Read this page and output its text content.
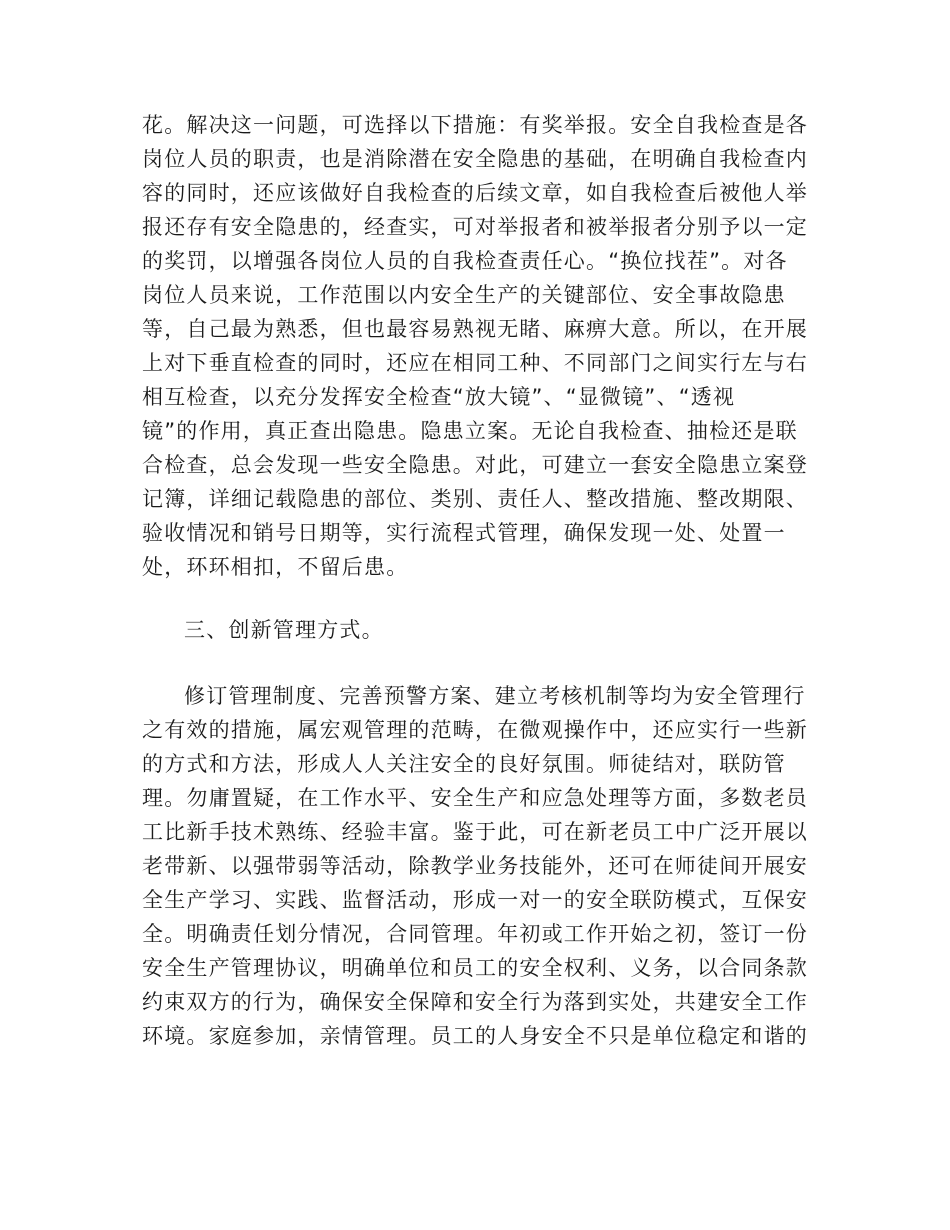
花。解决这一问题，可选择以下措施：有奖举报。安全自我检查是各
岗位人员的职责，也是消除潜在安全隐患的基础，在明确自我检查内
容的同时，还应该做好自我检查的后续文章，如自我检查后被他人举
报还存有安全隐患的，经查实，可对举报者和被举报者分别予以一定
的奖罚，以增强各岗位人员的自我检查责任心。“换位找茬”。对各
岗位人员来说，工作范围以内安全生产的关键部位、安全事故隐患
等，自己最为熟悉，但也最容易熟视无睹、麻痹大意。所以，在开展
上对下垂直检查的同时，还应在相同工种、不同部门之间实行左与右
相互检查，以充分发挥安全检查“放大镜”、“显微镜”、“透视
镜”的作用，真正查出隐患。隐患立案。无论自我检查、抽检还是联
合检查，总会发现一些安全隐患。对此，可建立一套安全隐患立案登
记簿，详细记载隐患的部位、类别、责任人、整改措施、整改期限、
验收情况和销号日期等，实行流程式管理，确保发现一处、处置一
处，环环相扣，不留后患。
三、创新管理方式。
修订管理制度、完善预警方案、建立考核机制等均为安全管理行
之有效的措施，属宏观管理的范畴，在微观操作中，还应实行一些新
的方式和方法，形成人人关注安全的良好氛围。师徒结对，联防管
理。勿庸置疑，在工作水平、安全生产和应急处理等方面，多数老员
工比新手技术熟练、经验丰富。鉴于此，可在新老员工中广泛开展以
老带新、以强带弱等活动，除教学业务技能外，还可在师徒间开展安
全生产学习、实践、监督活动，形成一对一的安全联防模式，互保安
全。明确责任划分情况，合同管理。年初或工作开始之初，签订一份
安全生产管理协议，明确单位和员工的安全权利、义务，以合同条款
约束双方的行为，确保安全保障和安全行为落到实处，共建安全工作
环境。家庭参加，亲情管理。员工的人身安全不只是单位稳定和谐的
